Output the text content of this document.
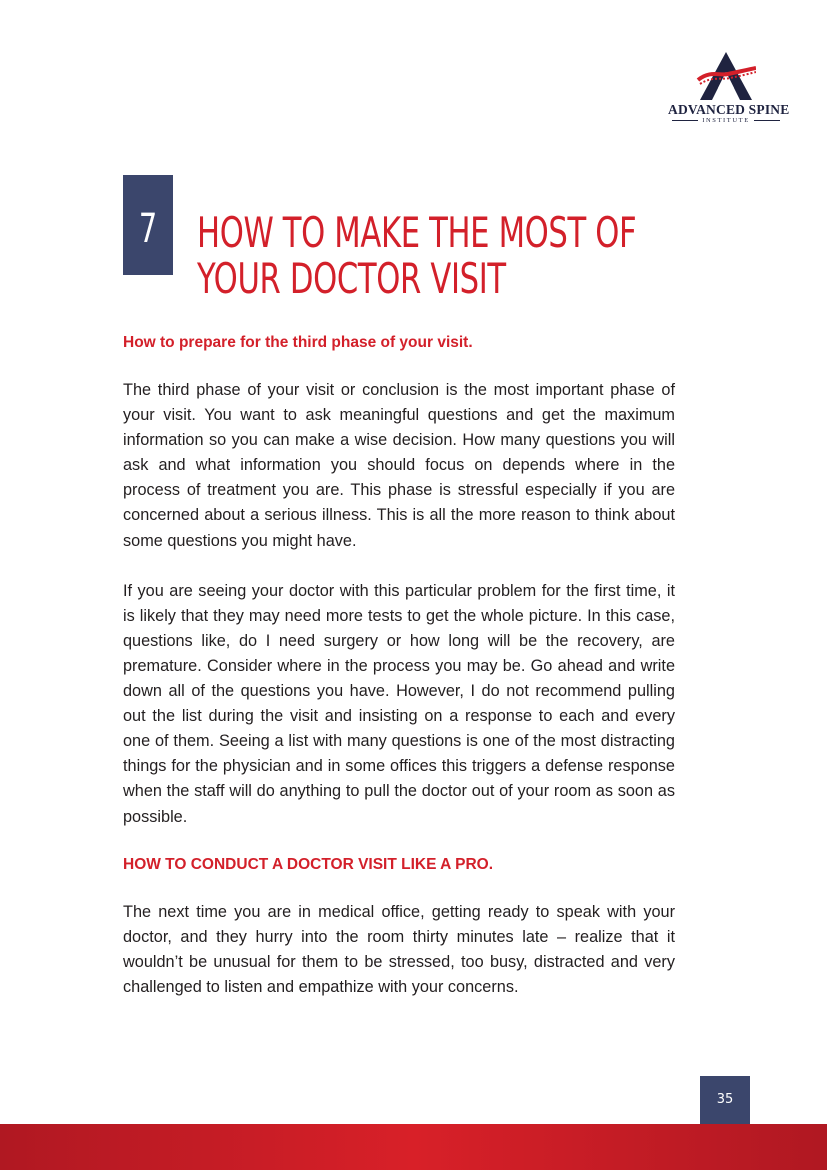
ADVANCED SPINE
INSTITUTE
7 HOW TO MAKE THE MOST OF
YOUR DOCTOR VISIT
How to prepare for the third phase of your visit.

The third phase of your visit or conclusion is the most important phase of your visit. You want to ask meaningful questions and get the maximum information so you can make a wise decision. How many questions you will ask and what information you should focus on depends where in the process of treatment you are. This phase is stressful especially if you are concerned about a serious illness. This is all the more reason to think about some questions you might have.

If you are seeing your doctor with this particular problem for the first time, it is likely that they may need more tests to get the whole picture. In this case, questions like, do I need surgery or how long will be the recovery, are premature. Consider where in the process you may be. Go ahead and write down all of the questions you have. However, I do not recommend pulling out the list during the visit and insisting on a response to each and every one of them. Seeing a list with many questions is one of the most distracting things for the physician and in some offices this triggers a defense response when the staff will do anything to pull the doctor out of your room as soon as possible.

HOW TO CONDUCT A DOCTOR VISIT LIKE A PRO.

The next time you are in medical office, getting ready to speak with your doctor, and they hurry into the room thirty minutes late – realize that it wouldn’t be unusual for them to be stressed, too busy, distracted and very challenged to listen and empathize with your concerns.

35
